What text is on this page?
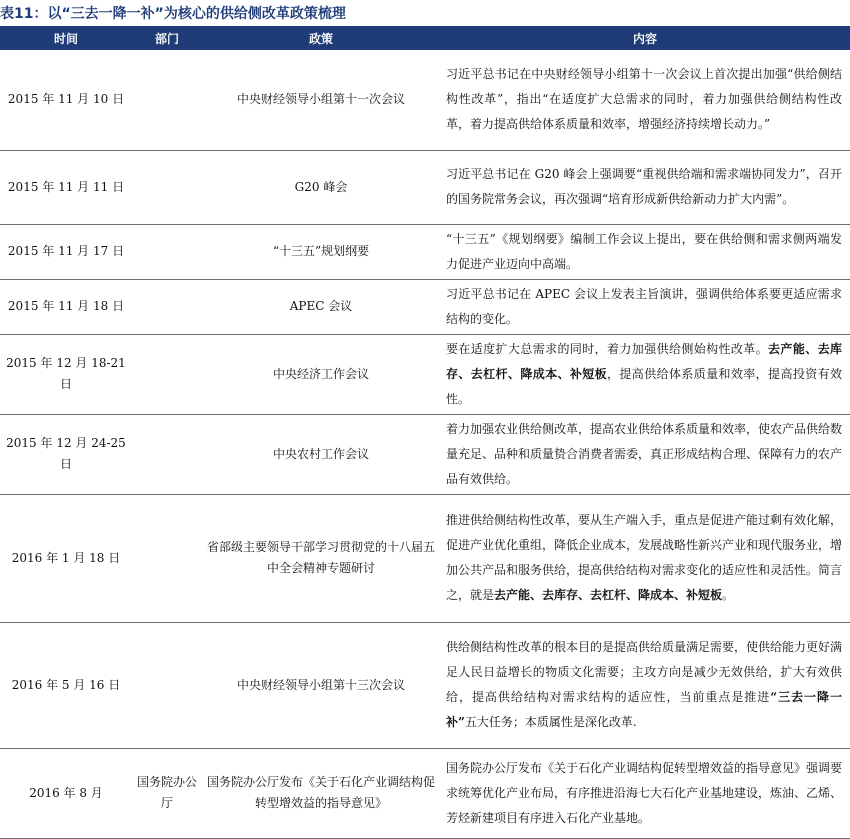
表11：以“三去一降一补”为核心的供给侧改革政策梳理
时间	部门	政策	内容
2015 年 11 月 10 日		中央财经领导小组第十一次会议	习近平总书记在中央财经领导小组第十一次会议上首次提出加强“供给侧结构性改革”，指出“在适度扩大总需求的同时，着力加强供给侧结构性改革，着力提高供给体系质量和效率，增强经济持续增长动力。”
2015 年 11 月 11 日		G20 峰会	习近平总书记在 G20 峰会上强调要“重视供给端和需求端协同发力”，召开的国务院常务会议，再次强调“培育形成新供给新动力扩大内需”。
2015 年 11 月 17 日		“十三五”规划纲要	“十三五”《规划纲要》编制工作会议上提出，要在供给侧和需求侧两端发力促进产业迈向中高端。
2015 年 11 月 18 日		APEC 会议	习近平总书记在 APEC 会议上发表主旨演讲，强调供给体系要更适应需求结构的变化。
2015 年 12 月 18-21 日		中央经济工作会议	要在适度扩大总需求的同时，着力加强供给侧始构性改革。去产能、去库存、去杠杆、降成本、补短板，提高供给体系质量和效率，提高投资有效性。
2015 年 12 月 24-25 日		中央农村工作会议	着力加强农业供给侧改革，提高农业供给体系质量和效率，使农产品供给数量充足、品种和质量贽合消费者需委，真正形成结构合理、保障有力的农产品有效供给。
2016 年 1 月 18 日		省部级主要领导干部学习贯彻党的十八届五中全会精神专题研讨	推进供给侧结构性改革，要从生产端入手，重点是促进产能过剩有效化解，促进产业优化重组，降低企业成本，发展战略性新兴产业和现代服务业，增加公共产品和服务供给，提高供给结构对需求变化的适应性和灵活性。简言之，就是去产能、去库存、去杠杆、降成本、补短板。
2016 年 5 月 16 日		中央财经领导小组第十三次会议	供给侧结构性改革的根本目的是提高供给质量满足需要，使供给能力更好满足人民日益增长的物质文化需要；主攻方向是减少无效供给，扩大有效供给，提高供给结构对需求结构的适应性，当前重点是推进“三去一降一补”五大任务；本质属性是深化改革.
2016 年 8 月	国务院办公厅	国务院办公厅发布《关于石化产业调结构促转型增效益的指导意见》	国务院办公厅发布《关于石化产业调结构促转型增效益的指导意见》强调要求统筹优化产业布局，有序推进沿海七大石化产业基地建设，炼油、乙烯、芳烃新建项目有序进入石化产业基地。
